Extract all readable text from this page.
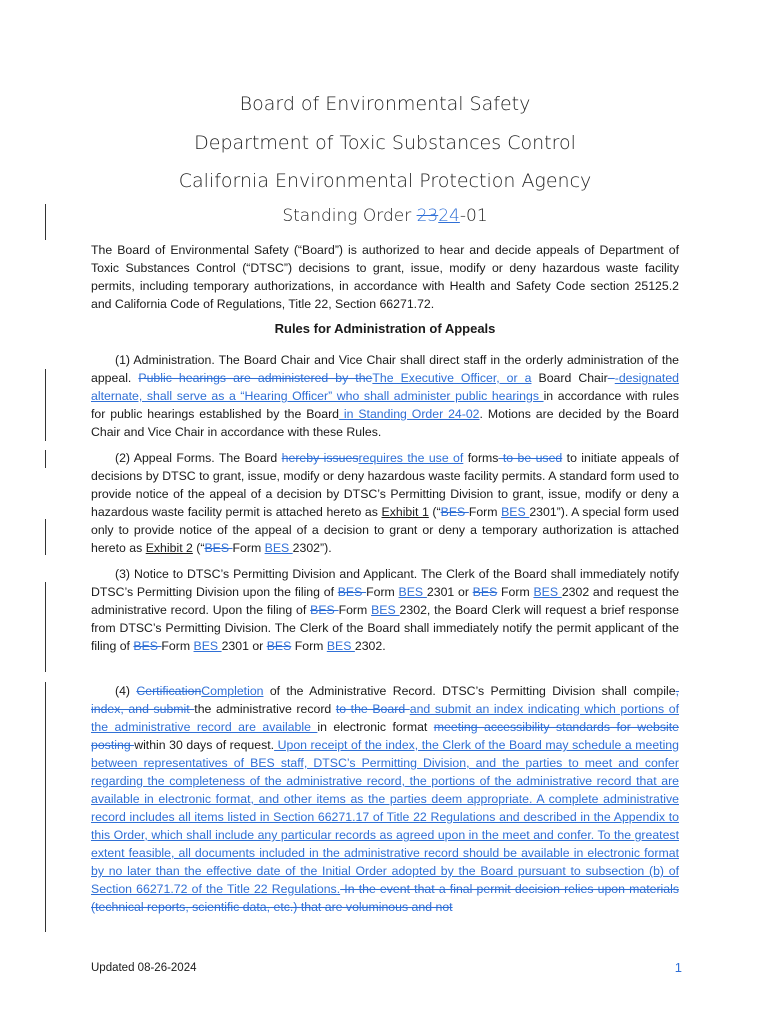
Board of Environmental Safety
Department of Toxic Substances Control
California Environmental Protection Agency
Standing Order 2324-01
The Board of Environmental Safety (“Board”) is authorized to hear and decide appeals of Department of Toxic Substances Control (“DTSC”) decisions to grant, issue, modify or deny hazardous waste facility permits, including temporary authorizations, in accordance with Health and Safety Code section 25125.2 and California Code of Regulations, Title 22, Section 66271.72.
Rules for Administration of Appeals
(1) Administration. The Board Chair and Vice Chair shall direct staff in the orderly administration of the appeal. Public hearings are administered by theThe Executive Officer, or a Board Chair -designated alternate, shall serve as a “Hearing Officer” who shall administer public hearings in accordance with rules for public hearings established by the Board in Standing Order 24-02. Motions are decided by the Board Chair and Vice Chair in accordance with these Rules.
(2) Appeal Forms. The Board hereby issuesrequires the use of forms to be used to initiate appeals of decisions by DTSC to grant, issue, modify or deny hazardous waste facility permits. A standard form used to provide notice of the appeal of a decision by DTSC’s Permitting Division to grant, issue, modify or deny a hazardous waste facility permit is attached hereto as Exhibit 1 (“BES Form BES 2301”). A special form used only to provide notice of the appeal of a decision to grant or deny a temporary authorization is attached hereto as Exhibit 2 (“BES Form BES 2302”).
(3) Notice to DTSC’s Permitting Division and Applicant. The Clerk of the Board shall immediately notify DTSC’s Permitting Division upon the filing of BES Form BES 2301 or BES Form BES 2302 and request the administrative record. Upon the filing of BES Form BES 2302, the Board Clerk will request a brief response from DTSC’s Permitting Division. The Clerk of the Board shall immediately notify the permit applicant of the filing of BES Form BES 2301 or BES Form BES 2302.
(4) CertificationCompletion of the Administrative Record. DTSC’s Permitting Division shall compile, index, and submit the administrative record to the Board and submit an index indicating which portions of the administrative record are available in electronic format meeting accessibility standards for website posting within 30 days of request. Upon receipt of the index, the Clerk of the Board may schedule a meeting between representatives of BES staff, DTSC’s Permitting Division, and the parties to meet and confer regarding the completeness of the administrative record, the portions of the administrative record that are available in electronic format, and other items as the parties deem appropriate. A complete administrative record includes all items listed in Section 66271.17 of Title 22 Regulations and described in the Appendix to this Order, which shall include any particular records as agreed upon in the meet and confer. To the greatest extent feasible, all documents included in the administrative record should be available in electronic format by no later than the effective date of the Initial Order adopted by the Board pursuant to subsection (b) of Section 66271.72 of the Title 22 Regulations. In the event that a final permit decision relies upon materials (technical reports, scientific data, etc.) that are voluminous and not
Updated 08-26-2024	1
